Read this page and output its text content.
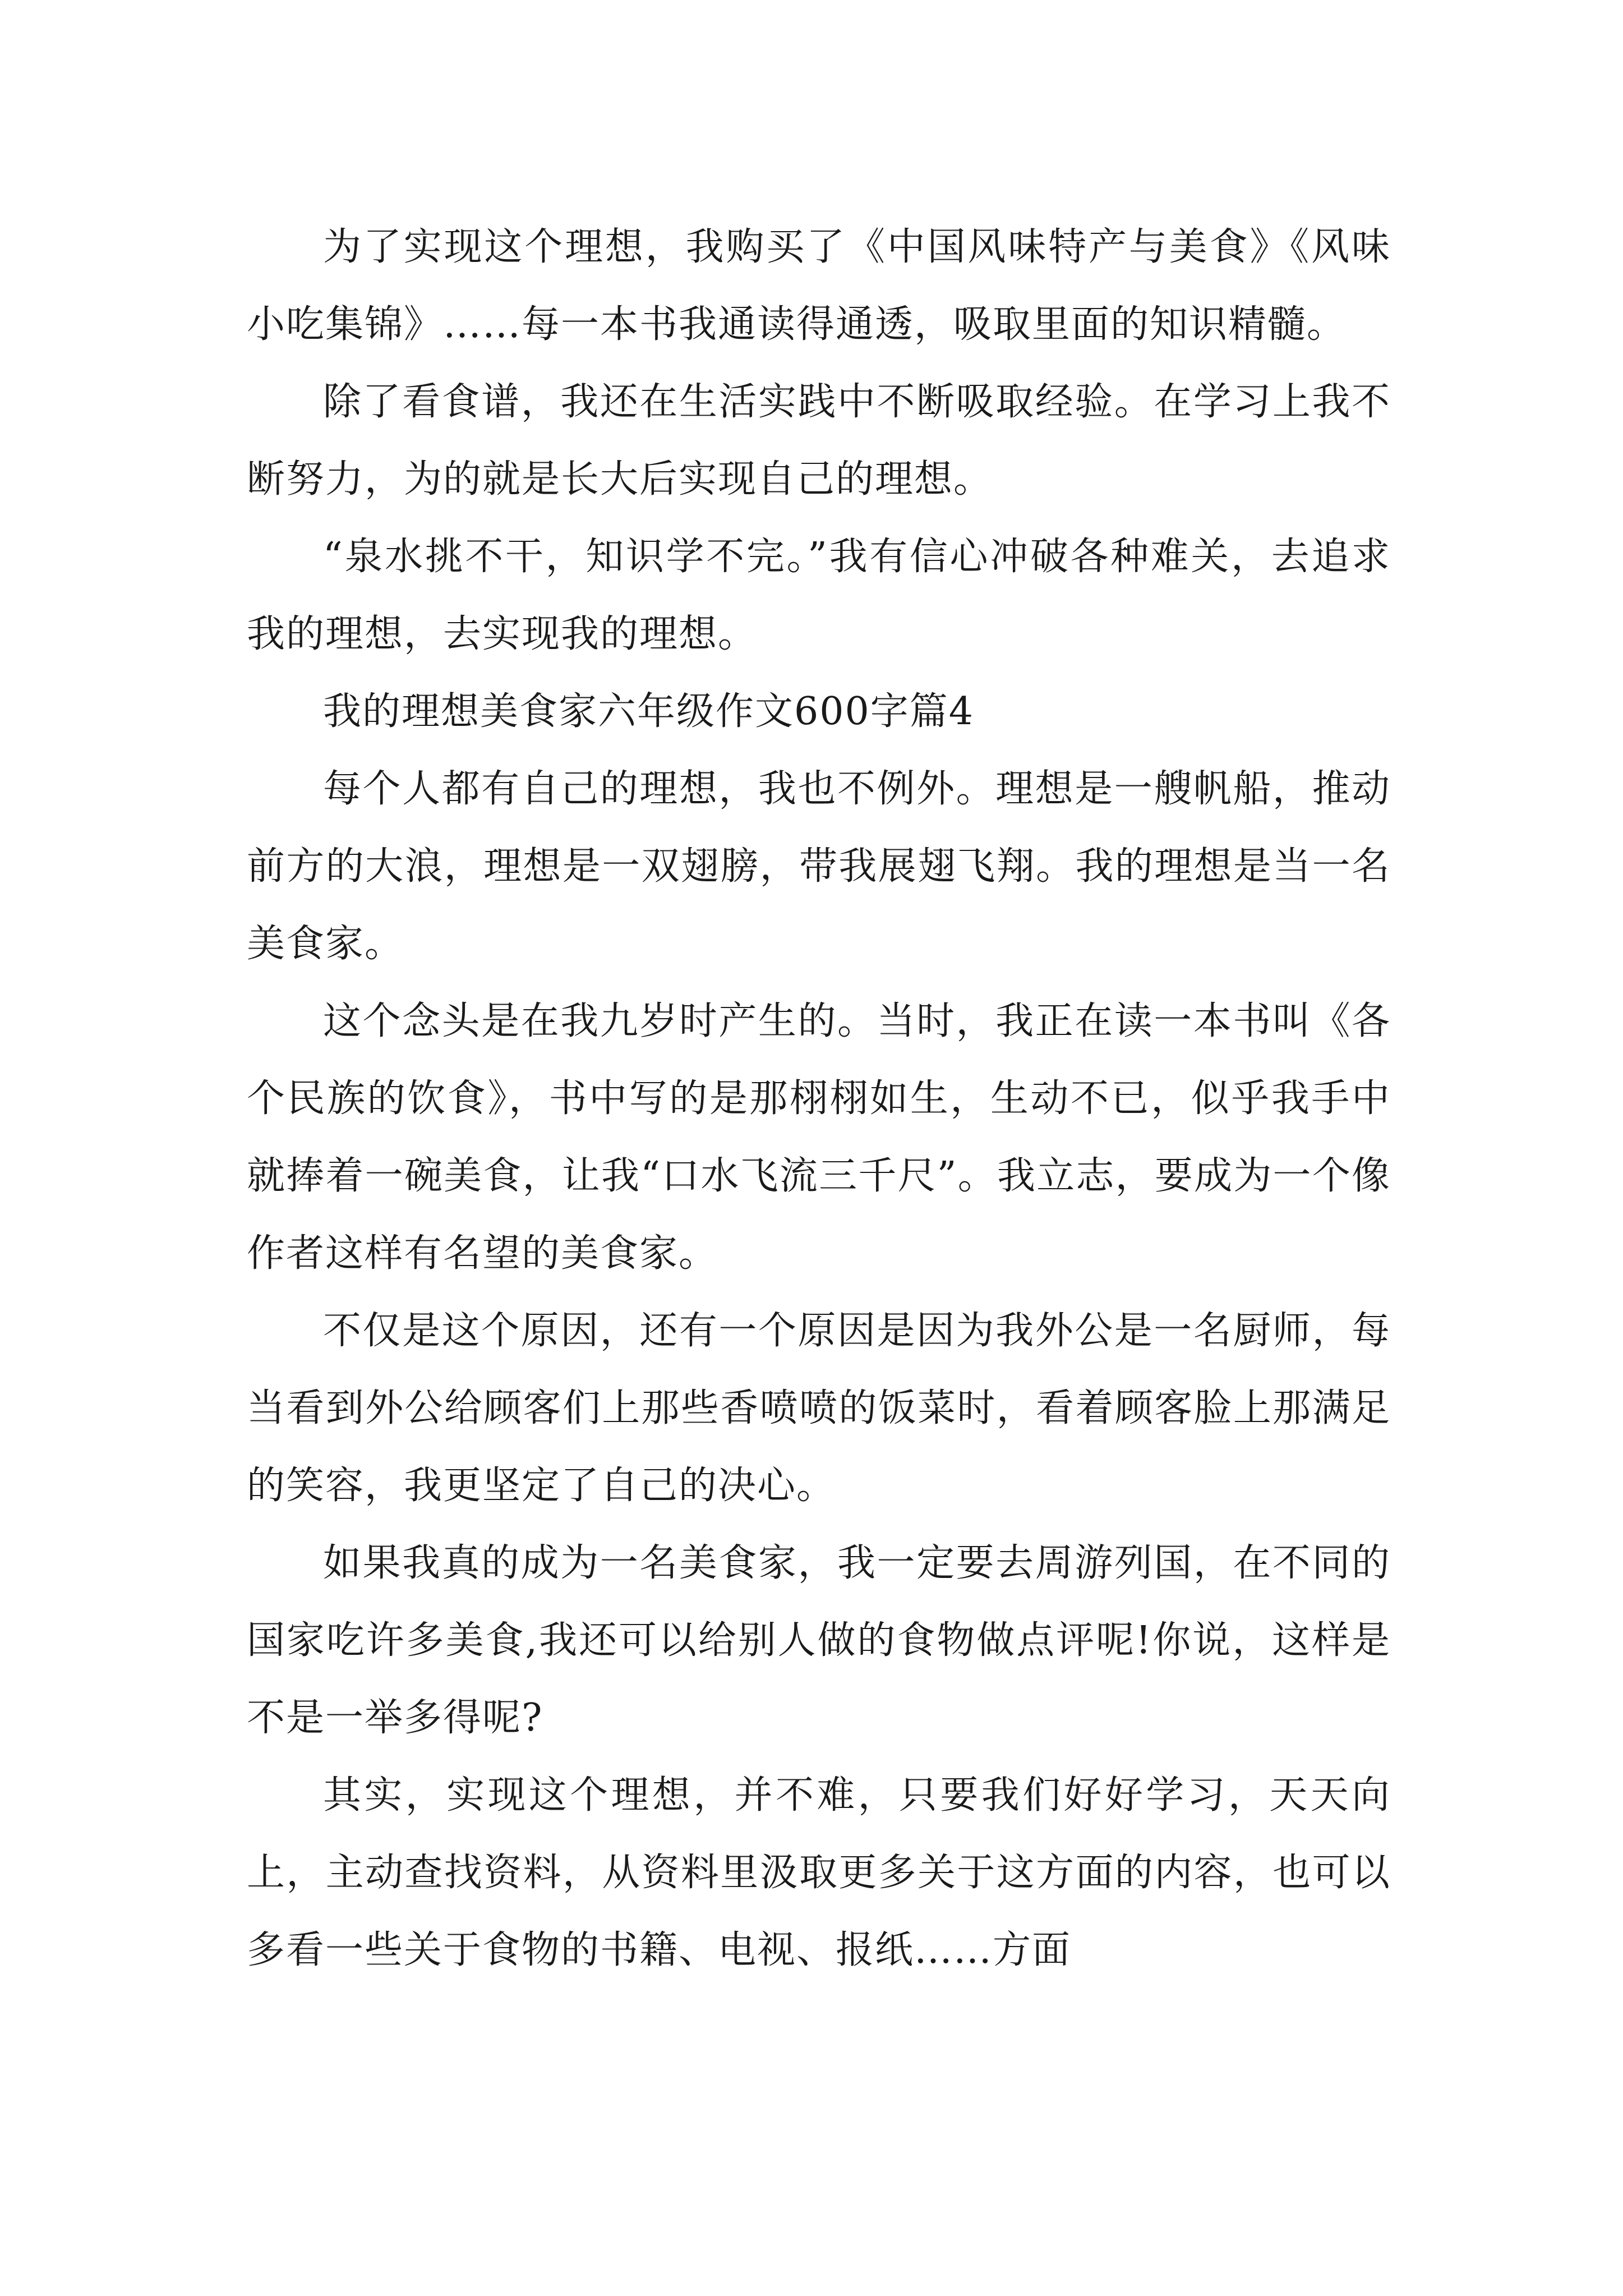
为了实现这个理想，我购买了《中国风味特产与美食》《风味小吃集锦》……每一本书我通读得通透，吸取里面的知识精髓。

除了看食谱，我还在生活实践中不断吸取经验。在学习上我不断努力，为的就是长大后实现自己的理想。

“泉水挑不干，知识学不完。”我有信心冲破各种难关，去追求我的理想，去实现我的理想。

我的理想美食家六年级作文600字篇4

每个人都有自己的理想，我也不例外。理想是一艘帆船，推动前方的大浪，理想是一双翅膀，带我展翅飞翔。我的理想是当一名美食家。

这个念头是在我九岁时产生的。当时，我正在读一本书叫《各个民族的饮食》，书中写的是那栩栩如生，生动不已，似乎我手中就捧着一碗美食，让我“口水飞流三千尺”。我立志，要成为一个像作者这样有名望的美食家。

不仅是这个原因，还有一个原因是因为我外公是一名厨师，每当看到外公给顾客们上那些香喷喷的饭菜时，看着顾客脸上那满足的笑容，我更坚定了自己的决心。

如果我真的成为一名美食家，我一定要去周游列国，在不同的国家吃许多美食,我还可以给别人做的食物做点评呢!你说，这样是不是一举多得呢?

其实，实现这个理想，并不难，只要我们好好学习，天天向上，主动查找资料，从资料里汲取更多关于这方面的内容，也可以多看一些关于食物的书籍、电视、报纸……方面
